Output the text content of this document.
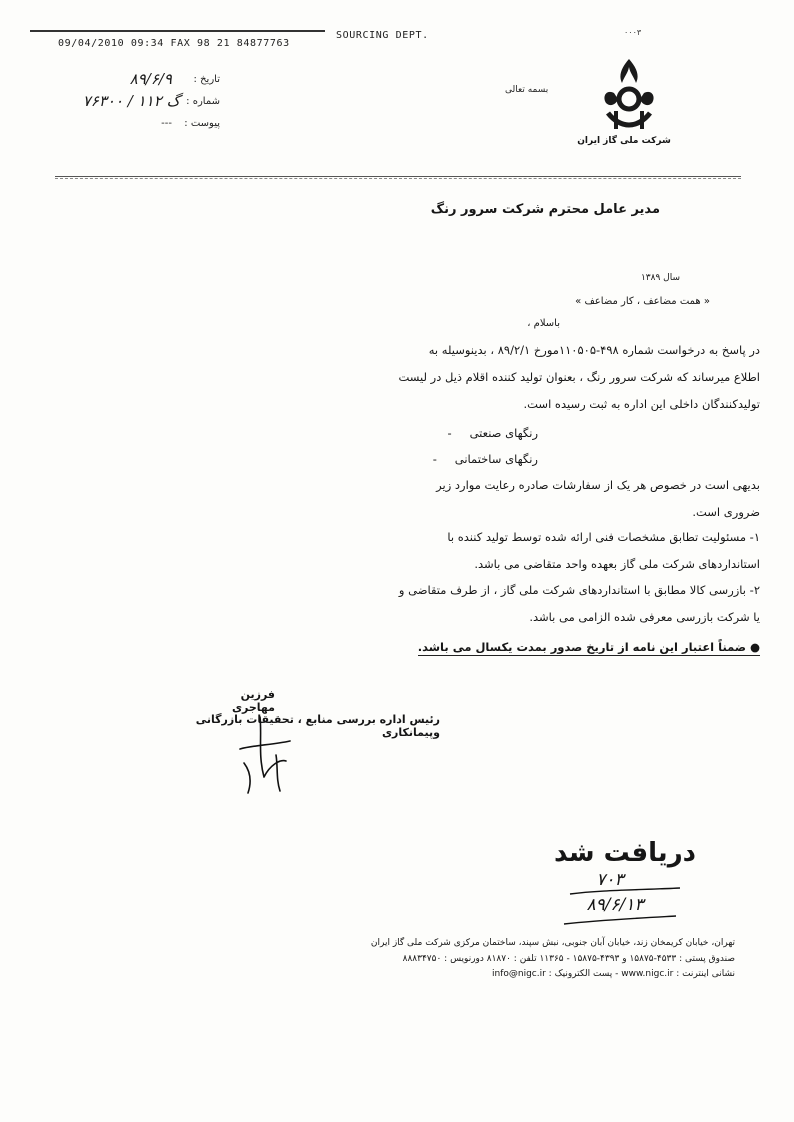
09/04/2010 09:34 FAX 98 21 84877763
SOURCING DEPT.	۰۰۰۳
تاریخ :
۸۹/۶/۹
شماره :
گ ۱۱۲ / ۷۶۳۰۰
پیوست :
---
بسمه تعالی
شرکت ملی گاز ایران
مدیر عامل محترم شرکت سرور رنگ
سال ۱۳۸۹
« همت مضاعف ، کار مضاعف »
باسلام ،
در پاسخ به درخواست شماره ۴۹۸-۱۱۰۵۰۵مورخ ۸۹/۲/۱ ، بدینوسیله به
اطلاع میرساند که شرکت سرور رنگ ، بعنوان تولید کننده اقلام ذیل در لیست
تولیدکنندگان داخلی این اداره به ثبت رسیده است.
رنگهای صنعتی-
رنگهای ساختمانی-
بدیهی است در خصوص هر یک از سفارشات صادره رعایت موارد زیر
ضروری است.
۱- مسئولیت تطابق مشخصات فنی ارائه شده توسط تولید کننده با
استانداردهای شرکت ملی گاز بعهده واحد متقاضی می باشد.
۲- بازرسی کالا مطابق با استانداردهای شرکت ملی گاز ، از طرف متقاضی و
یا شرکت بازرسی معرفی شده الزامی می باشد.
● ضمناً اعتبار این نامه از تاریخ صدور بمدت یکسال می باشد.
فرزین مهاجری
رئیس اداره بررسی منابع ، تحقیقات بازرگانی وپیمانکاری
دریافت شد
۷۰۳
۸۹/۶/۱۳
تهران، خیابان کریمخان زند، خیابان آبان جنوبی، نبش سپند، ساختمان مرکزی شرکت ملی گاز ایران
صندوق پستی : ۴۵۳۳-۱۵۸۷۵ و ۴۳۹۳-۱۵۸۷۵ - ۱۱۳۶۵ تلفن : ۸۱۸۷۰ دورنویس : ۸۸۸۳۴۷۵۰
نشانی اینترنت : www.nigc.ir - پست الکترونیک : info@nigc.ir
